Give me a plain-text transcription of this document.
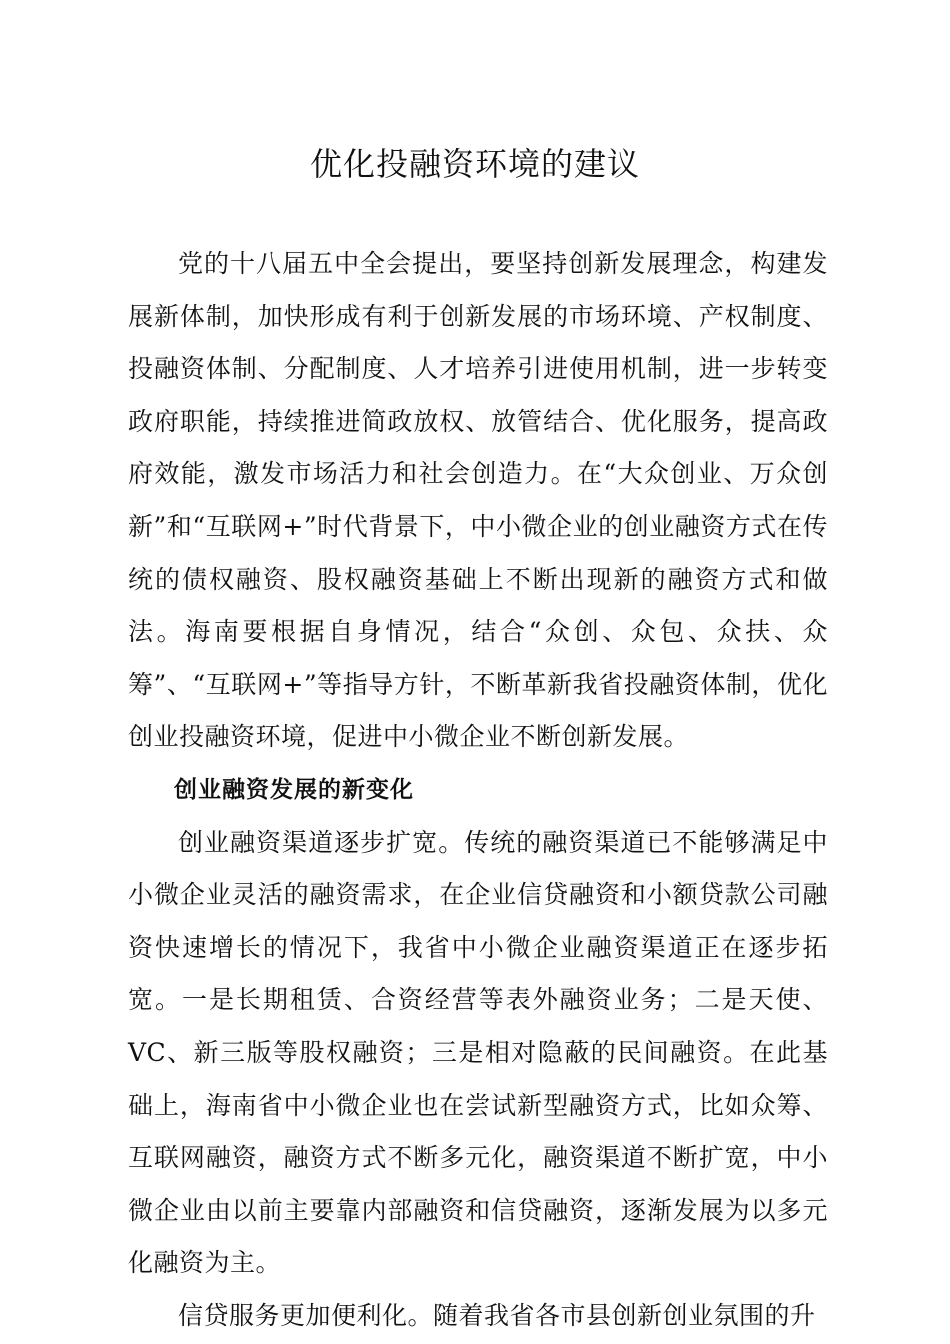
优化投融资环境的建议

党的十八届五中全会提出，要坚持创新发展理念，构建发展新体制，加快形成有利于创新发展的市场环境、产权制度、投融资体制、分配制度、人才培养引进使用机制，进一步转变政府职能，持续推进简政放权、放管结合、优化服务，提高政府效能，激发市场活力和社会创造力。在“大众创业、万众创新”和“互联网+”时代背景下，中小微企业的创业融资方式在传统的债权融资、股权融资基础上不断出现新的融资方式和做法。海南要根据自身情况，结合“众创、众包、众扶、众筹”、“互联网+”等指导方针，不断革新我省投融资体制，优化创业投融资环境，促进中小微企业不断创新发展。

创业融资发展的新变化

创业融资渠道逐步扩宽。传统的融资渠道已不能够满足中小微企业灵活的融资需求，在企业信贷融资和小额贷款公司融资快速增长的情况下，我省中小微企业融资渠道正在逐步拓宽。一是长期租赁、合资经营等表外融资业务；二是天使、VC、新三版等股权融资；三是相对隐蔽的民间融资。在此基础上，海南省中小微企业也在尝试新型融资方式，比如众筹、互联网融资，融资方式不断多元化，融资渠道不断扩宽，中小微企业由以前主要靠内部融资和信贷融资，逐渐发展为以多元化融资为主。

信贷服务更加便利化。随着我省各市县创新创业氛围的升
